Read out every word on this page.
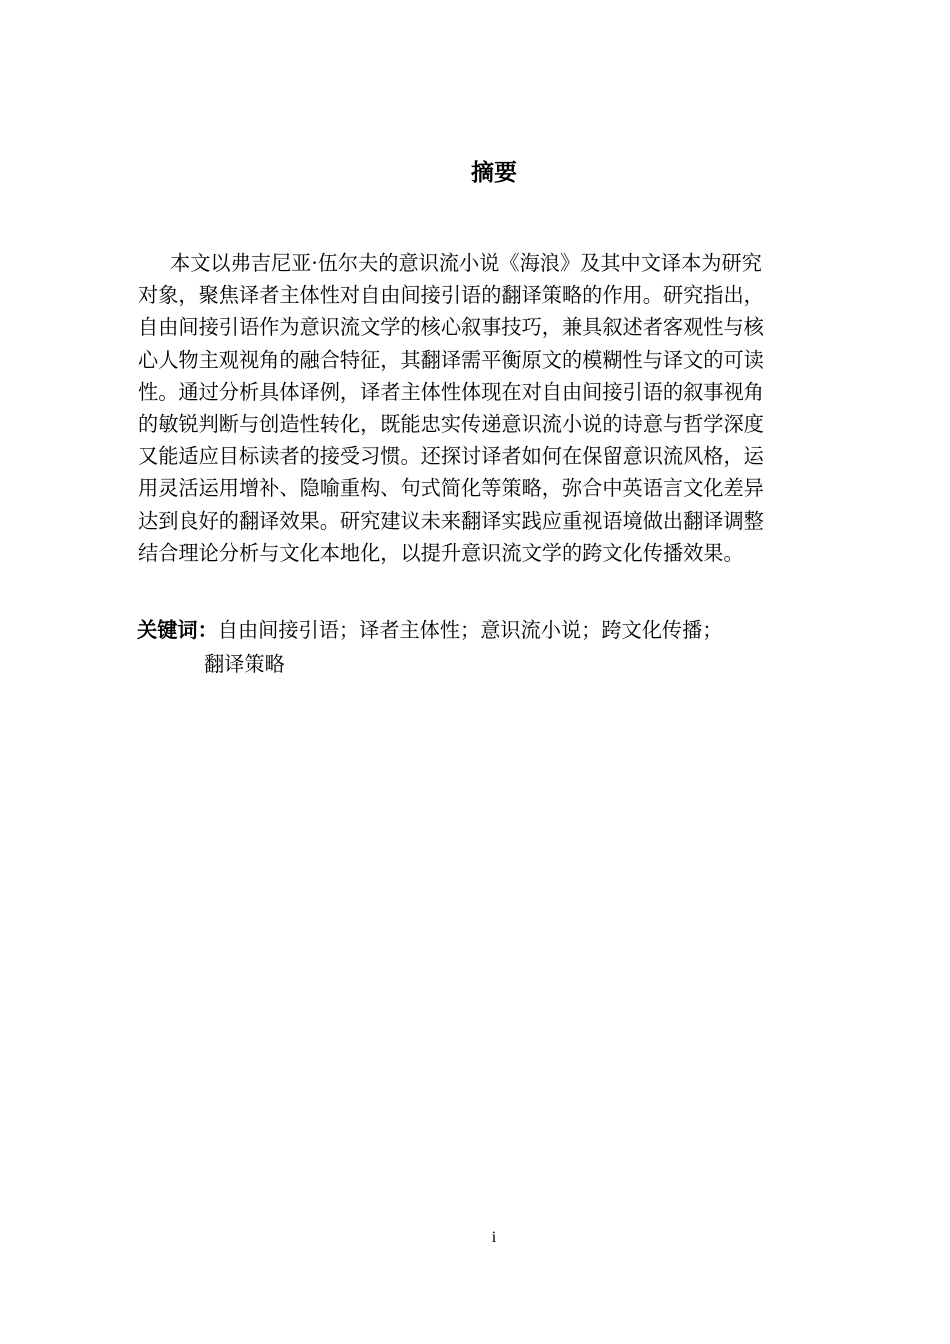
摘要
本文以弗吉尼亚·伍尔夫的意识流小说《海浪》及其中文译本为研究
对象，聚焦译者主体性对自由间接引语的翻译策略的作用。研究指出，
自由间接引语作为意识流文学的核心叙事技巧，兼具叙述者客观性与核
心人物主观视角的融合特征，其翻译需平衡原文的模糊性与译文的可读
性。通过分析具体译例，译者主体性体现在对自由间接引语的叙事视角
的敏锐判断与创造性转化，既能忠实传递意识流小说的诗意与哲学深度
又能适应目标读者的接受习惯。还探讨译者如何在保留意识流风格，运
用灵活运用增补、隐喻重构、句式简化等策略，弥合中英语言文化差异
达到良好的翻译效果。研究建议未来翻译实践应重视语境做出翻译调整
结合理论分析与文化本地化，以提升意识流文学的跨文化传播效果。
关键词：自由间接引语；译者主体性；意识流小说；跨文化传播；
翻译策略
i
